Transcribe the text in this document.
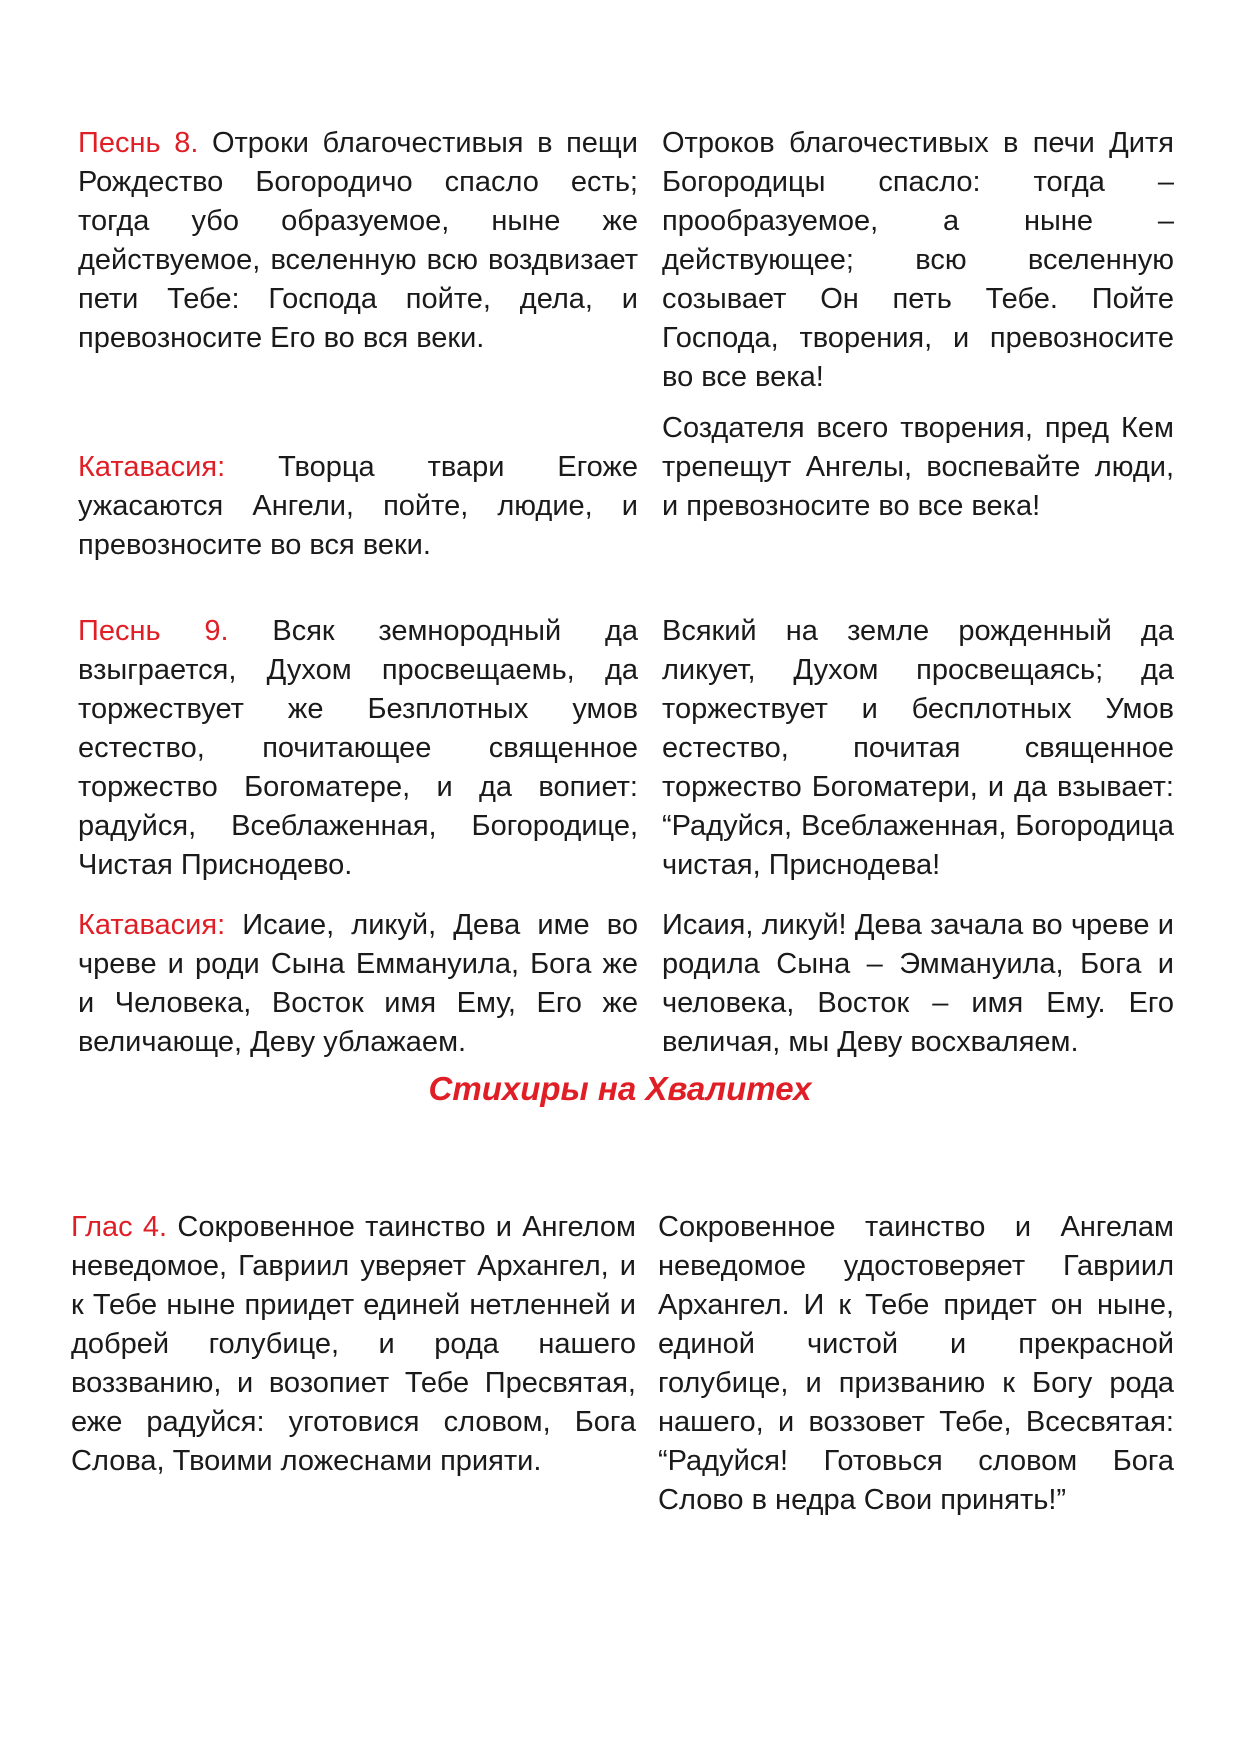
Песнь 8. Отроки благочестивыя в пещи Рождество Богородичо спасло есть; тогда убо образуемое, ныне же действуемое, вселенную всю воздвизает пети Тебе: Господа пойте, дела, и превозносите Его во вся веки.
Отроков благочестивых в печи Дитя Богородицы спасло: тогда – прообразуемое, а ныне – действующее; всю вселенную созывает Он петь Тебе. Пойте Господа, творения, и превозносите во все века!
Катавасия: Творца твари Егоже ужасаются Ангели, пойте, людие, и превозносите во вся веки.
Создателя всего творения, пред Кем трепещут Ангелы, воспевайте люди, и превозносите во все века!
Песнь 9. Всяк земнородный да взыграется, Духом просвещаемь, да торжествует же Безплотных умов естество, почитающее священное торжество Богоматере, и да вопиет: радуйся, Всеблаженная, Богородице, Чистая Приснодево.
Всякий на земле рожденный да ликует, Духом просвещаясь; да торжествует и бесплотных Умов естество, почитая священное торжество Богоматери, и да взывает: “Радуйся, Всеблаженная, Богородица чистая, Приснодева!
Катавасия: Исаие, ликуй, Дева име во чреве и роди Сына Еммануила, Бога же и Человека, Восток имя Ему, Его же величающе, Деву ублажаем.
Исаия, ликуй! Дева зачала во чреве и родила Сына – Эммануила, Бога и человека, Восток – имя Ему. Его величая, мы Деву восхваляем.
Стихиры на Хвалитех
Глас 4. Сокровенное таинство и Ангелом неведомое, Гавриил уверяет Архангел, и к Тебе ныне приидет единей нетленней и добрей голубице, и рода нашего воззванию, и возопиет Тебе Пресвятая, еже радуйся: уготовися словом, Бога Слова, Твоими ложеснами прияти.
Сокровенное таинство и Ангелам неведомое удостоверяет Гавриил Архангел. И к Тебе придет он ныне, единой чистой и прекрасной голубице, и призванию к Богу рода нашего, и воззовет Тебе, Всесвятая: “Радуйся! Готовься словом Бога Слово в недра Свои принять!”
